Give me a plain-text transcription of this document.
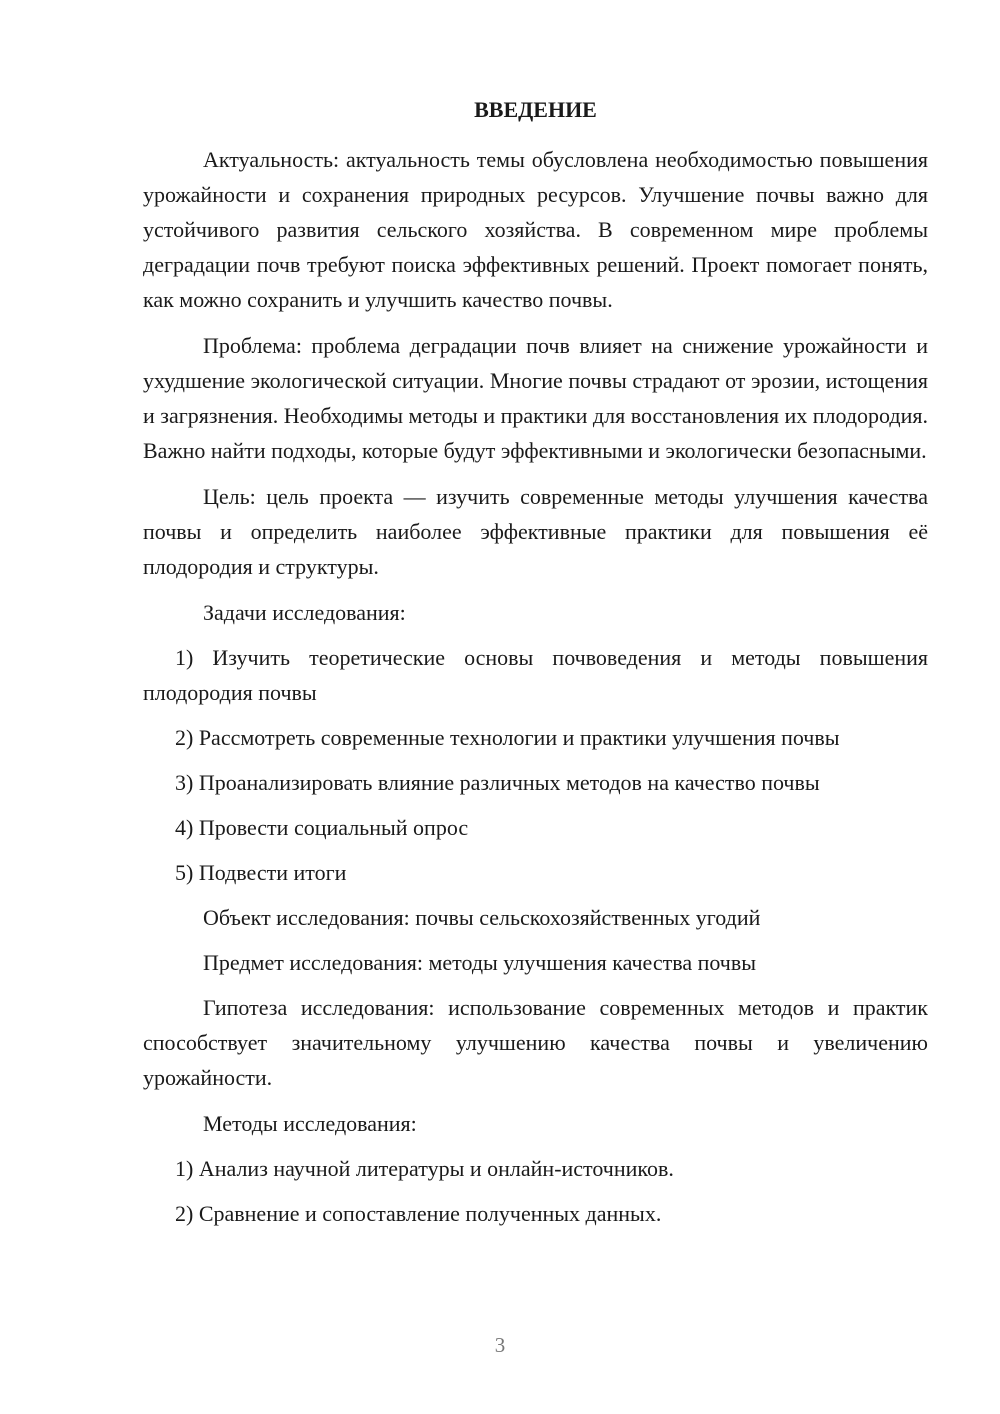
ВВЕДЕНИЕ

Актуальность: актуальность темы обусловлена необходимостью повышения урожайности и сохранения природных ресурсов. Улучшение почвы важно для устойчивого развития сельского хозяйства. В современном мире проблемы деградации почв требуют поиска эффективных решений. Проект помогает понять, как можно сохранить и улучшить качество почвы.

Проблема: проблема деградации почв влияет на снижение урожайности и ухудшение экологической ситуации. Многие почвы страдают от эрозии, истощения и загрязнения. Необходимы методы и практики для восстановления их плодородия. Важно найти подходы, которые будут эффективными и экологически безопасными.

Цель: цель проекта — изучить современные методы улучшения качества почвы и определить наиболее эффективные практики для повышения её плодородия и структуры.

Задачи исследования:

1) Изучить теоретические основы почвоведения и методы повышения плодородия почвы

2) Рассмотреть современные технологии и практики улучшения почвы

3) Проанализировать влияние различных методов на качество почвы

4) Провести социальный опрос

5) Подвести итоги

Объект исследования: почвы сельскохозяйственных угодий

Предмет исследования: методы улучшения качества почвы

Гипотеза исследования: использование современных методов и практик способствует значительному улучшению качества почвы и увеличению урожайности.

Методы исследования:

1) Анализ научной литературы и онлайн-источников.

2) Сравнение и сопоставление полученных данных.

3
